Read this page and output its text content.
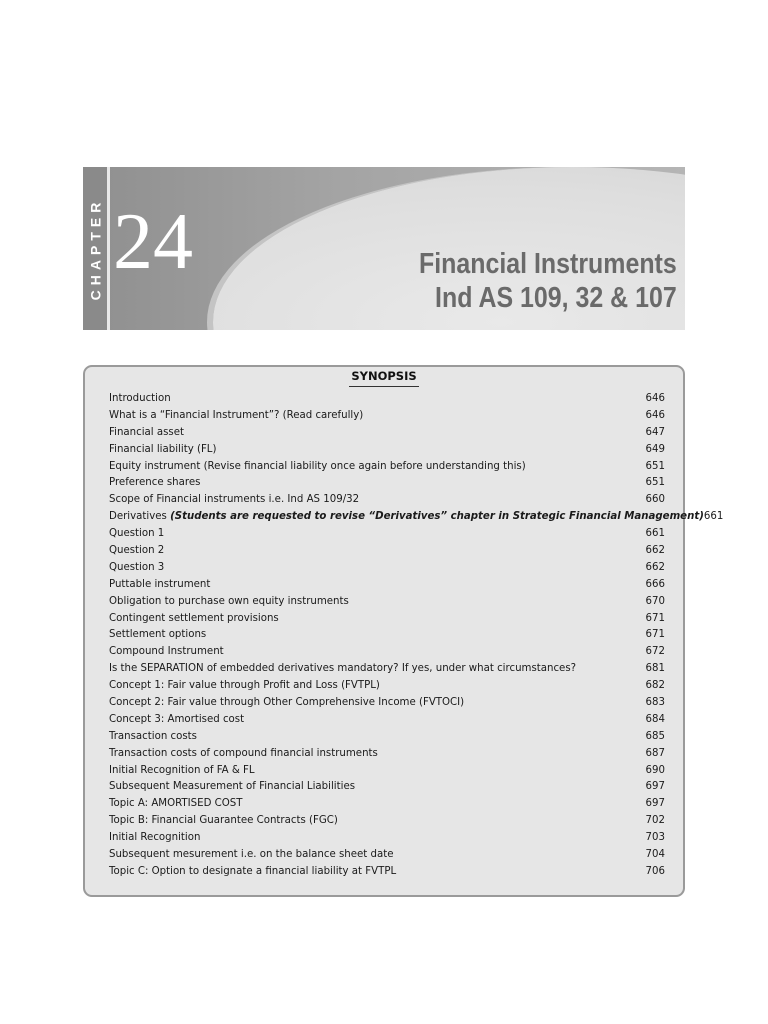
CHAPTER 24	Financial Instruments
Ind AS 109, 32 & 107
SYNOPSIS
Introduction	646
What is a “Financial Instrument”? (Read carefully)	646
Financial asset	647
Financial liability (FL)	649
Equity instrument (Revise financial liability once again before understanding this)	651
Preference shares	651
Scope of Financial instruments i.e. Ind AS 109/32	660
Derivatives (Students are requested to revise “Derivatives” chapter in Strategic Financial Management) 661
Question 1	661
Question 2	662
Question 3	662
Puttable instrument	666
Obligation to purchase own equity instruments	670
Contingent settlement provisions	671
Settlement options	671
Compound Instrument	672
Is the SEPARATION of embedded derivatives mandatory? If yes, under what circumstances?	681
Concept 1: Fair value through Profit and Loss (FVTPL)	682
Concept 2: Fair value through Other Comprehensive Income (FVTOCI)	683
Concept 3: Amortised cost	684
Transaction costs	685
Transaction costs of compound financial instruments	687
Initial Recognition of FA & FL	690
Subsequent Measurement of Financial Liabilities	697
Topic A: AMORTISED COST	697
Topic B: Financial Guarantee Contracts (FGC)	702
Initial Recognition	703
Subsequent mesurement i.e. on the balance sheet date	704
Topic C: Option to designate a financial liability at FVTPL	706
